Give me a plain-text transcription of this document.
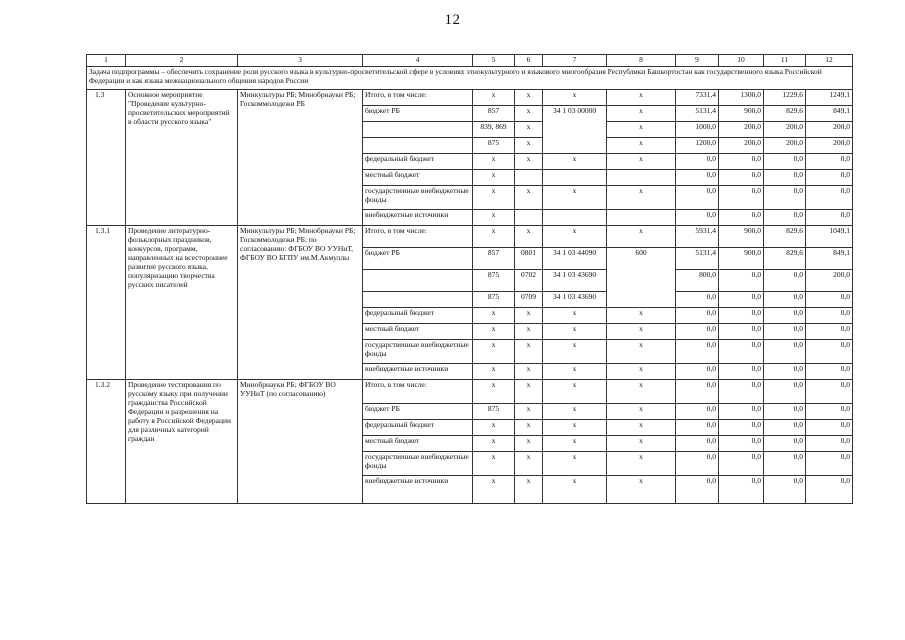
12
1	2	3	4	5	6	7	8	9	10	11	12
Задача подпрограммы – обеспечить сохранение роли русского языка в культурно-просветительской сфере в условиях этнокультурного и языкового многообразия Республики Башкортостан как государственного языка Российской Федерации и как языка межнационального общения народов России											
1.3	Основное мероприятие "Проведение культурно-просветительских мероприятий в области русского языка"	Минкультуры РБ; Минобрнауки РБ; Госкоммолодежи РБ	Итого, в том числе:	х	х	х	х	7331,4	1300,0	1229,6	1249,1
			бюджет РБ	857	х	34 1 03 00000	х	5131,4	900,0	829,6	849,1
				839, 869	х		х	1000,0	200,0	200,0	200,0
				875	х		х	1200,0	200,0	200,0	200,0
			федеральный бюджет	х	х	х	х	0,0	0,0	0,0	0,0
			местный бюджет	х				0,0	0,0	0,0	0,0
			государственные внебюджетные фонды	х	х	х	х	0,0	0,0	0,0	0,0
			внебюджетные источники	х				0,0	0,0	0,0	0,0
1.3.1	Проведение литературно-фольклорных праздников, конкурсов, программ, направленных на всестороннее развитие русского языка, популяризацию творчества русских писателей	Минкультуры РБ; Минобрнауки РБ; Госкоммолодежи РБ; по согласованию: ФГБОУ ВО УУНиТ, ФГБОУ ВО БГПУ им.М.Акмуллы	Итого, в том числе:	х	х	х	х	5931,4	900,0	829,6	1049,1
			бюджет РБ	857	0801	34 1 03 44090	600	5131,4	900,0	829,6	849,1
				875	0702	34 1 03 43690		800,0	0,0	0,0	200,0
				875	0709	34 1 03 43690		0,0	0,0	0,0	0,0
			федеральный бюджет	х	х	х	х	0,0	0,0	0,0	0,0
			местный бюджет	х	х	х	х	0,0	0,0	0,0	0,0
			государственные внебюджетные фонды	х	х	х	х	0,0	0,0	0,0	0,0
			внебюджетные источники	х	х	х	х	0,0	0,0	0,0	0,0
1.3.2	Проведение тестирования по русскому языку при получении гражданства Российской Федерации и разрешения на работу в Российской Федерации для различных категорий граждан	Минобрнауки РБ; ФГБОУ ВО УУНиТ (по согласованию)	Итого, в том числе:	х	х	х	х	0,0	0,0	0,0	0,0
			бюджет РБ	875	х	х	х	0,0	0,0	0,0	0,0
			федеральный бюджет	х	х	х	х	0,0	0,0	0,0	0,0
			местный бюджет	х	х	х	х	0,0	0,0	0,0	0,0
			государственные внебюджетные фонды	х	х	х	х	0,0	0,0	0,0	0,0
			внебюджетные источники	х	х	х	х	0,0	0,0	0,0	0,0
